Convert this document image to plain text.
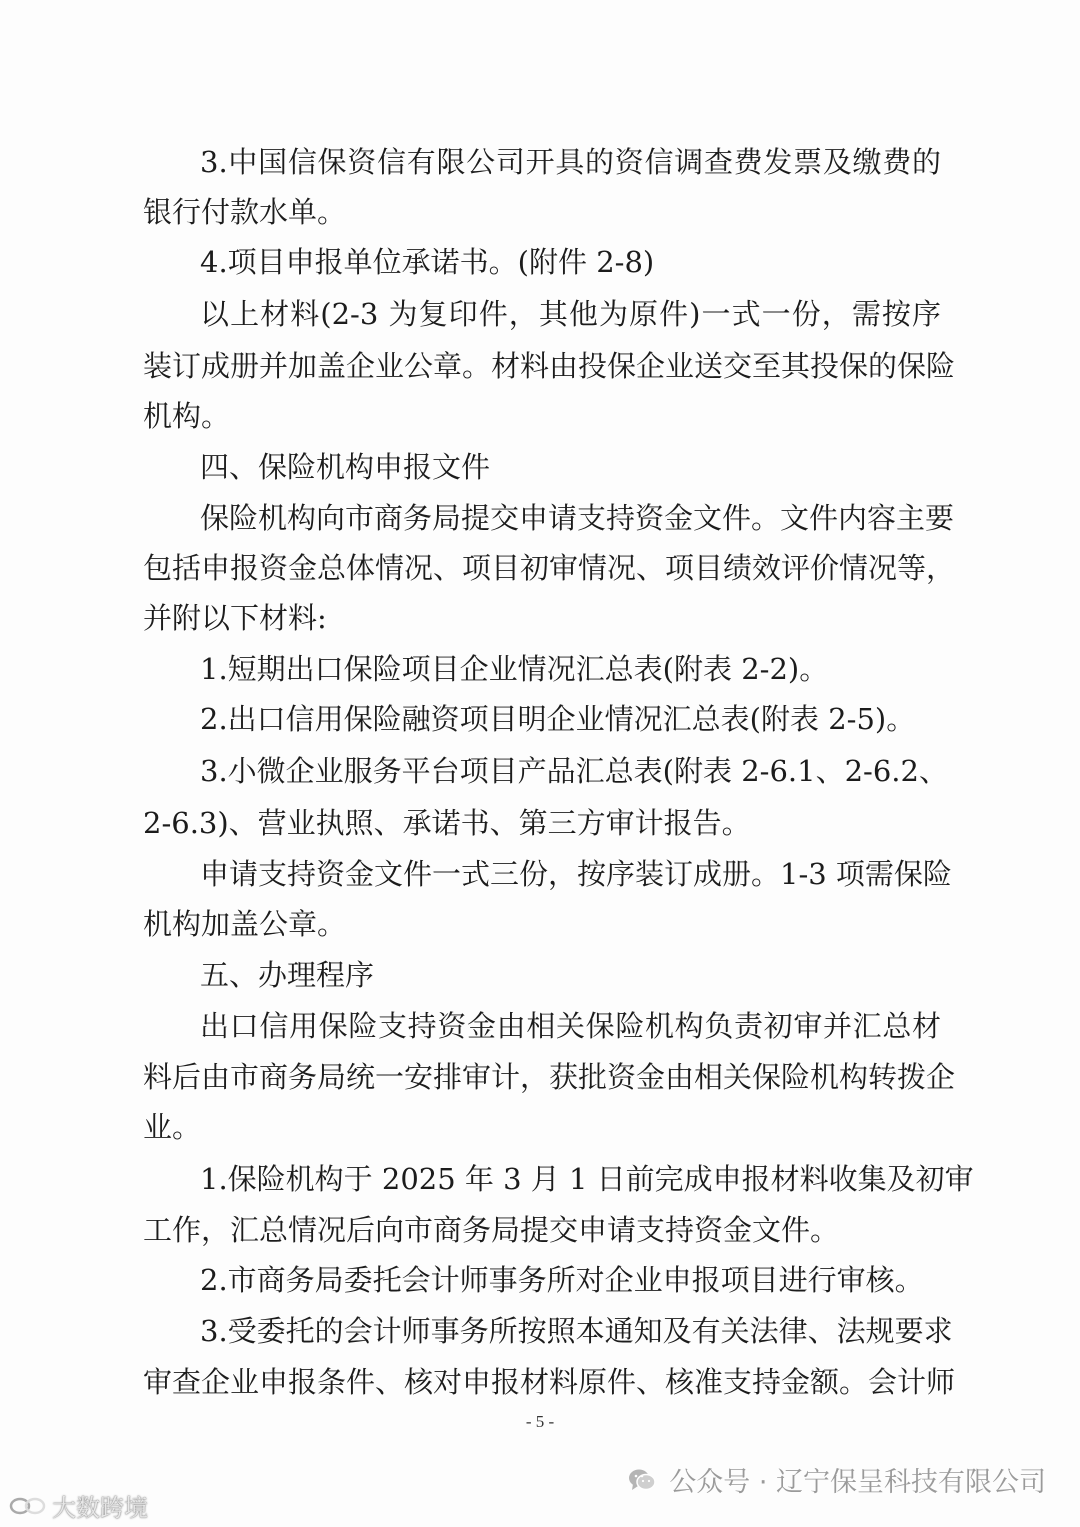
3.中国信保资信有限公司开具的资信调查费发票及缴费的
银行付款水单。
4.项目申报单位承诺书。(附件 2-8)
以上材料(2-3 为复印件，其他为原件)一式一份，需按序
装订成册并加盖企业公章。材料由投保企业送交至其投保的保险
机构。
四、保险机构申报文件
保险机构向市商务局提交申请支持资金文件。文件内容主要
包括申报资金总体情况、项目初审情况、项目绩效评价情况等，
并附以下材料:
1.短期出口保险项目企业情况汇总表(附表 2-2)。
2.出口信用保险融资项目明企业情况汇总表(附表 2-5)。
3.小微企业服务平台项目产品汇总表(附表 2-6.1、2-6.2、
2-6.3)、营业执照、承诺书、第三方审计报告。
申请支持资金文件一式三份，按序装订成册。1-3 项需保险
机构加盖公章。
五、办理程序
出口信用保险支持资金由相关保险机构负责初审并汇总材
料后由市商务局统一安排审计，获批资金由相关保险机构转拨企
业。
1.保险机构于 2025 年 3 月 1 日前完成申报材料收集及初审
工作，汇总情况后向市商务局提交申请支持资金文件。
2.市商务局委托会计师事务所对企业申报项目进行审核。
3.受委托的会计师事务所按照本通知及有关法律、法规要求
审查企业申报条件、核对申报材料原件、核准支持金额。会计师
- 5 -
公众号 · 辽宁保呈科技有限公司
大数跨境
